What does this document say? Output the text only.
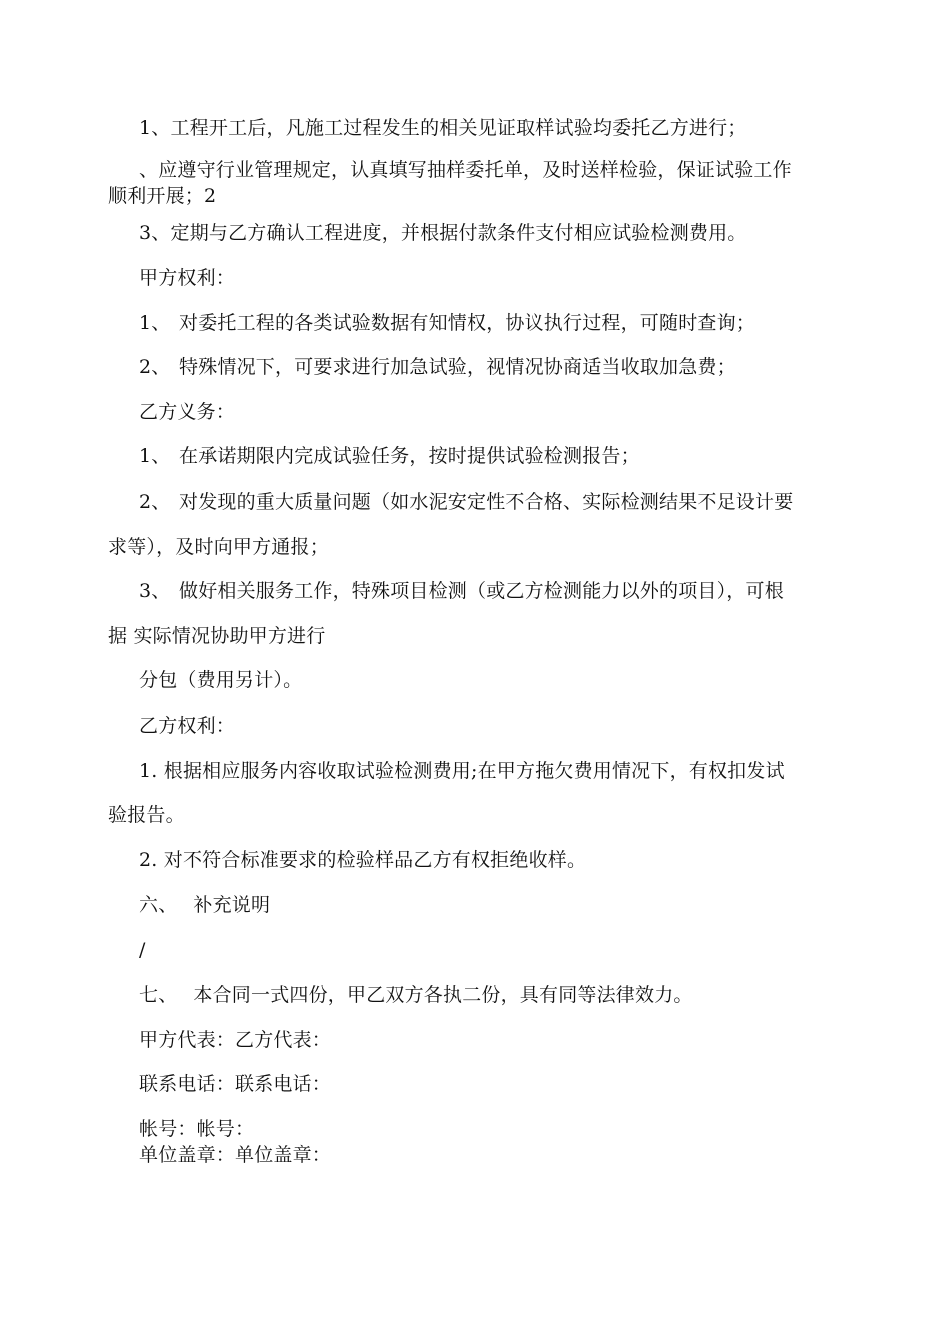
1、工程开工后，凡施工过程发生的相关见证取样试验均委托乙方进行；
、应遵守行业管理规定，认真填写抽样委托单，及时送样检验，保证试验工作
顺利开展；2
3、定期与乙方确认工程进度，并根据付款条件支付相应试验检测费用。
甲方权利：
1、 对委托工程的各类试验数据有知情权，协议执行过程，可随时查询；
2、 特殊情况下，可要求进行加急试验，视情况协商适当收取加急费；
乙方义务：
1、 在承诺期限内完成试验任务，按时提供试验检测报告；
2、 对发现的重大质量问题（如水泥安定性不合格、实际检测结果不足设计要
求等），及时向甲方通报；
3、 做好相关服务工作，特殊项目检测（或乙方检测能力以外的项目），可根
据 实际情况协助甲方进行
分包（费用另计）。
乙方权利：
1. 根据相应服务内容收取试验检测费用;在甲方拖欠费用情况下，有权扣发试
验报告。
2. 对不符合标准要求的检验样品乙方有权拒绝收样。
六、 补充说明
/
七、 本合同一式四份，甲乙双方各执二份，具有同等法律效力。
甲方代表：乙方代表：
联系电话：联系电话：
帐号：帐号：
单位盖章：单位盖章：
